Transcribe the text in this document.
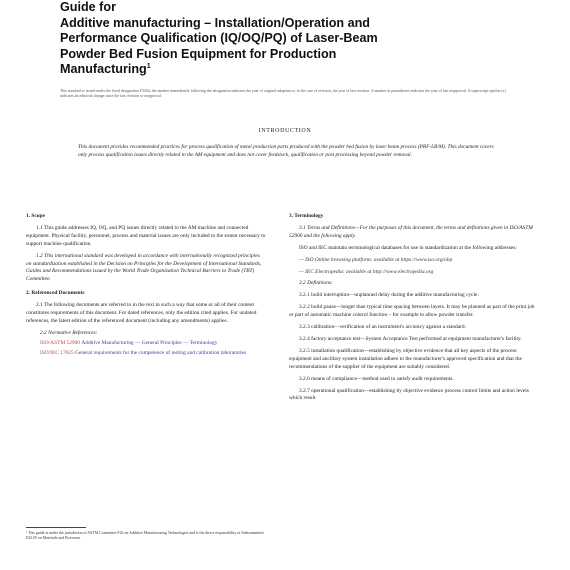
Guide for
Additive manufacturing – Installation/Operation and
Performance Qualification (IQ/OQ/PQ) of Laser-Beam
Powder Bed Fusion Equipment for Production
Manufacturing$^1$
This standard is issued under the fixed designation F3434; the number immediately following the designation indicates the year of original adoption or, in the case of revision, the year of last revision. A number in parentheses indicates the year of last reapproval. A superscript epsilon (ε) indicates an editorial change since the last revision or reapproval.
INTRODUCTION
This document provides recommended practices for process qualification of metal production parts produced with the powder bed fusion by laser beam process (PBF-LB/M). This document covers only process qualification issues directly related to the AM equipment and does not cover feedstock, qualification or post processing beyond powder removal.
1. Scope
1.1 This guide addresses IQ, OQ, and PQ issues directly related to the AM machine and connected equipment. Physical facility, personnel, process and material issues are only included to the extent necessary to support machine qualification.
1.2 This international standard was developed in accordance with internationally recognized principles on standardization established in the Decision on Principles for the Development of International Standards, Guides and Recommendations issued by the World Trade Organization Technical Barriers to Trade (TBT) Committee.
2. Referenced Documents
2.1 The following documents are referred to in the text in such a way that some or all of their content constitutes requirements of this document. For dated references, only the edition cited applies. For undated references, the latest edition of the referenced document (including any amendments) applies.
2.2 Normative References:
ISO/ASTM 52900 Additive Manufacturing — General Principles — Terminology
ISO/IEC 17025 General requirements for the competence of testing and calibration laboratories
¹ This guide is under the jurisdiction of ASTM Committee F42 on Additive Manufacturing Technologies and is the direct responsibility of Subcommittee F42.05 on Materials and Processes.
3. Terminology
3.1 Terms and Definitions—For the purposes of this document, the terms and definitions given in ISO/ASTM 52900 and the following apply.
ISO and IEC maintain terminological databases for use in standardization at the following addresses:
— ISO Online browsing platform: available at https://www.iso.org/obp
— IEC Electropedia: available at http://www.electropedia.org
3.2 Definitions:
3.2.1 build interruption—unplanned delay during the additive manufacturing cycle.
3.2.2 build pause—longer than typical time spacing between layers. It may be planned as part of the print job or part of automatic machine control function – for example to allow powder transfer.
3.2.3 calibration—verification of an instrument's accuracy against a standard.
3.2.4 factory acceptance test—System Acceptance Test performed at equipment manufacturer's facility.
3.2.5 installation qualification—establishing by objective evidence that all key aspects of the process equipment and ancillary system installation adhere to the manufacturer's approved specification and that the recommendations of the supplier of the equipment are suitably considered.
3.2.6 means of compliance—method used to satisfy audit requirements.
3.2.7 operational qualification—establishing by objective evidence process control limits and action levels which result
